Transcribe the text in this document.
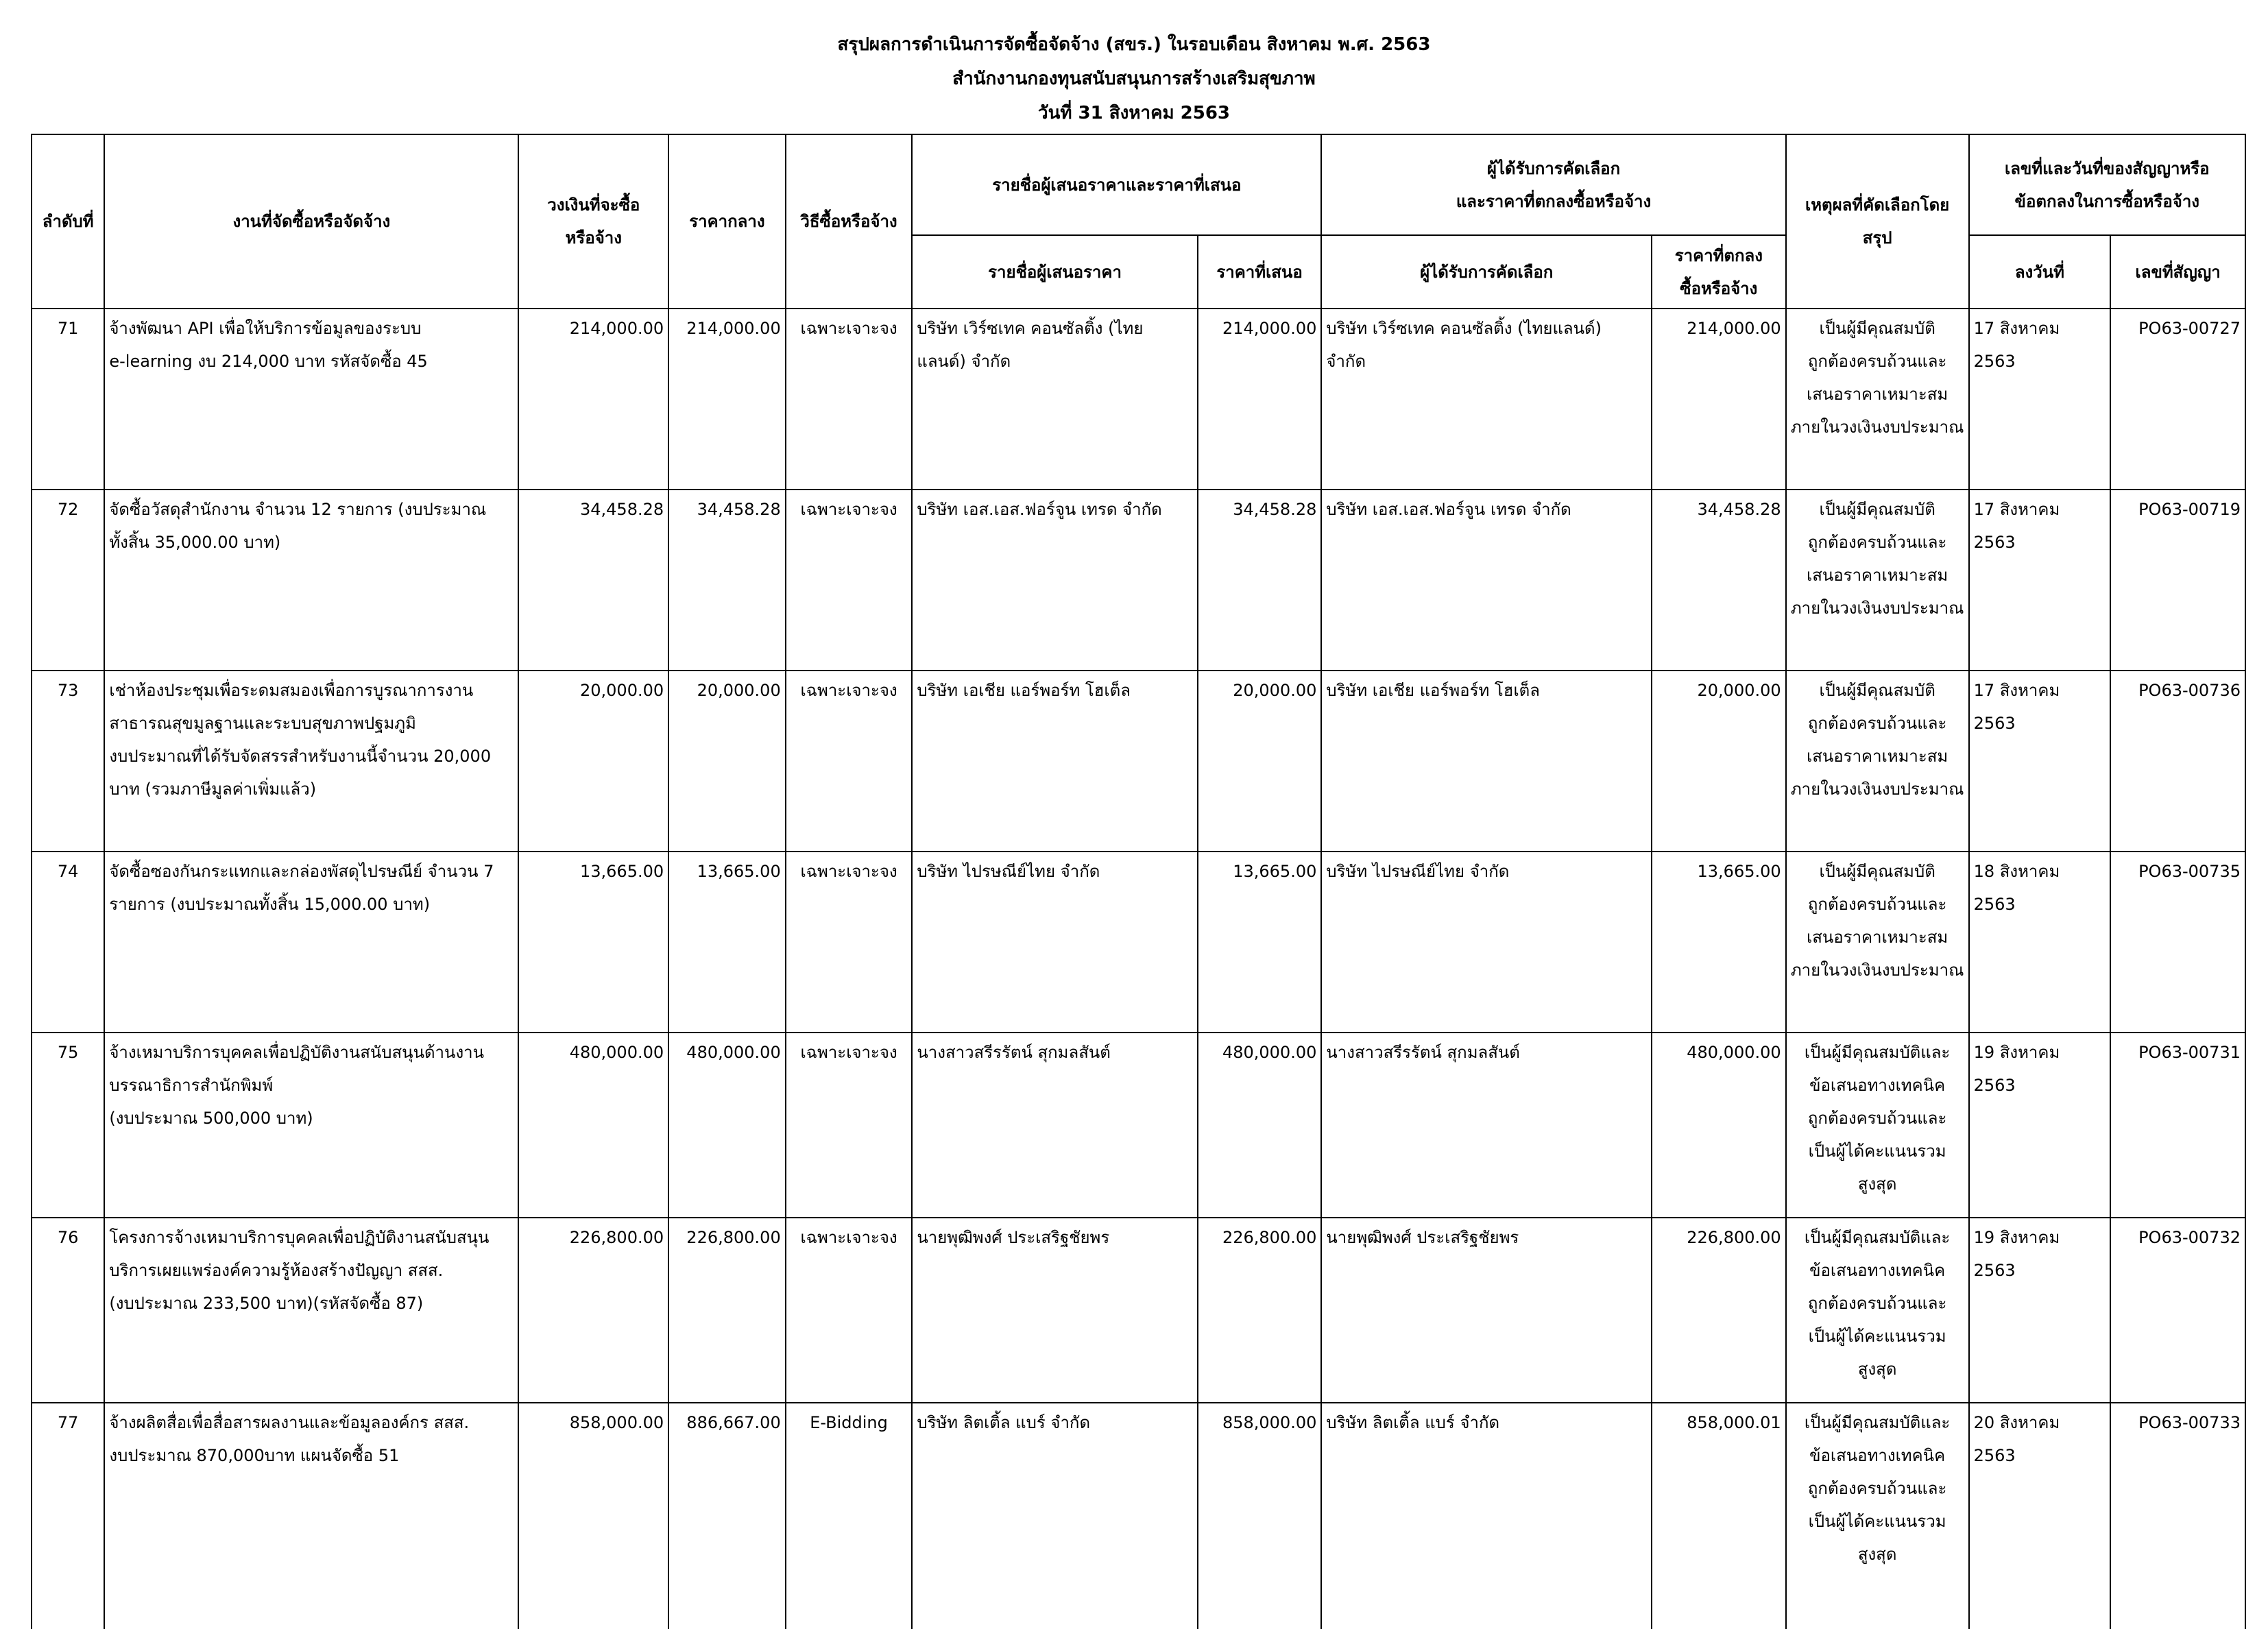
สรุปผลการดำเนินการจัดซื้อจัดจ้าง (สขร.) ในรอบเดือน สิงหาคม พ.ศ. 2563
สำนักงานกองทุนสนับสนุนการสร้างเสริมสุขภาพ
วันที่ 31 สิงหาคม 2563
ลำดับที่	งานที่จัดซื้อหรือจัดจ้าง	วงเงินที่จะซื้อ
หรือจ้าง	ราคากลาง	วิธีซื้อหรือจ้าง	รายชื่อผู้เสนอราคาและราคาที่เสนอ		ผู้ได้รับการคัดเลือก
และราคาที่ตกลงซื้อหรือจ้าง		เหตุผลที่คัดเลือกโดย
สรุป	เลขที่และวันที่ของสัญญาหรือ
ข้อตกลงในการซื้อหรือจ้าง	

					รายชื่อผู้เสนอราคา	ราคาที่เสนอ	ผู้ได้รับการคัดเลือก	ราคาที่ตกลง
ซื้อหรือจ้าง		ลงวันที่	เลขที่สัญญา
71	จ้างพัฒนา API เพื่อให้บริการข้อมูลของระบบ
e-learning งบ 214,000 บาท รหัสจัดซื้อ 45	214,000.00	214,000.00	เฉพาะเจาะจง	บริษัท เวิร์ซเทค คอนซัลติ้ง (ไทย
แลนด์) จำกัด	214,000.00	บริษัท เวิร์ซเทค คอนซัลติ้ง (ไทยแลนด์)
จำกัด	214,000.00	เป็นผู้มีคุณสมบัติ
ถูกต้องครบถ้วนและ
เสนอราคาเหมาะสม
ภายในวงเงินงบประมาณ	17 สิงหาคม 2563	PO63-00727
72	จัดซื้อวัสดุสำนักงาน จำนวน 12 รายการ (งบประมาณ
ทั้งสิ้น 35,000.00 บาท)	34,458.28	34,458.28	เฉพาะเจาะจง	บริษัท เอส.เอส.ฟอร์จูน เทรด จำกัด	34,458.28	บริษัท เอส.เอส.ฟอร์จูน เทรด จำกัด	34,458.28	เป็นผู้มีคุณสมบัติ
ถูกต้องครบถ้วนและ
เสนอราคาเหมาะสม
ภายในวงเงินงบประมาณ	17 สิงหาคม 2563	PO63-00719
73	เช่าห้องประชุมเพื่อระดมสมองเพื่อการบูรณาการงาน
สาธารณสุขมูลฐานและระบบสุขภาพปฐมภูมิ
งบประมาณที่ได้รับจัดสรรสำหรับงานนี้จำนวน 20,000
บาท (รวมภาษีมูลค่าเพิ่มแล้ว)	20,000.00	20,000.00	เฉพาะเจาะจง	บริษัท เอเชีย แอร์พอร์ท โฮเต็ล	20,000.00	บริษัท เอเชีย แอร์พอร์ท โฮเต็ล	20,000.00	เป็นผู้มีคุณสมบัติ
ถูกต้องครบถ้วนและ
เสนอราคาเหมาะสม
ภายในวงเงินงบประมาณ	17 สิงหาคม 2563	PO63-00736
74	จัดซื้อซองกันกระแทกและกล่องพัสดุไปรษณีย์ จำนวน 7
รายการ (งบประมาณทั้งสิ้น 15,000.00 บาท)	13,665.00	13,665.00	เฉพาะเจาะจง	บริษัท ไปรษณีย์ไทย จำกัด	13,665.00	บริษัท ไปรษณีย์ไทย จำกัด	13,665.00	เป็นผู้มีคุณสมบัติ
ถูกต้องครบถ้วนและ
เสนอราคาเหมาะสม
ภายในวงเงินงบประมาณ	18 สิงหาคม 2563	PO63-00735
75	จ้างเหมาบริการบุคคลเพื่อปฏิบัติงานสนับสนุนด้านงาน
บรรณาธิการสำนักพิมพ์
(งบประมาณ 500,000 บาท)	480,000.00	480,000.00	เฉพาะเจาะจง	นางสาวสรีรรัตน์ สุกมลสันต์	480,000.00	นางสาวสรีรรัตน์ สุกมลสันต์	480,000.00	เป็นผู้มีคุณสมบัติและ
ข้อเสนอทางเทคนิค
ถูกต้องครบถ้วนและ
เป็นผู้ได้คะแนนรวม
สูงสุด	19 สิงหาคม 2563	PO63-00731
76	โครงการจ้างเหมาบริการบุคคลเพื่อปฏิบัติงานสนับสนุน
บริการเผยแพร่องค์ความรู้ห้องสร้างปัญญา สสส.
(งบประมาณ 233,500 บาท)(รหัสจัดซื้อ 87)	226,800.00	226,800.00	เฉพาะเจาะจง	นายพุฒิพงศ์ ประเสริฐชัยพร	226,800.00	นายพุฒิพงศ์ ประเสริฐชัยพร	226,800.00	เป็นผู้มีคุณสมบัติและ
ข้อเสนอทางเทคนิค
ถูกต้องครบถ้วนและ
เป็นผู้ได้คะแนนรวม
สูงสุด	19 สิงหาคม 2563	PO63-00732
77	จ้างผลิตสื่อเพื่อสื่อสารผลงานและข้อมูลองค์กร สสส.
งบประมาณ 870,000บาท แผนจัดซื้อ 51	858,000.00	886,667.00	E-Bidding	บริษัท ลิตเติ้ล แบร์ จำกัด	858,000.00	บริษัท ลิตเติ้ล แบร์ จำกัด	858,000.01	เป็นผู้มีคุณสมบัติและ
ข้อเสนอทางเทคนิค
ถูกต้องครบถ้วนและ
เป็นผู้ได้คะแนนรวม
สูงสุด	20 สิงหาคม 2563	PO63-00733
